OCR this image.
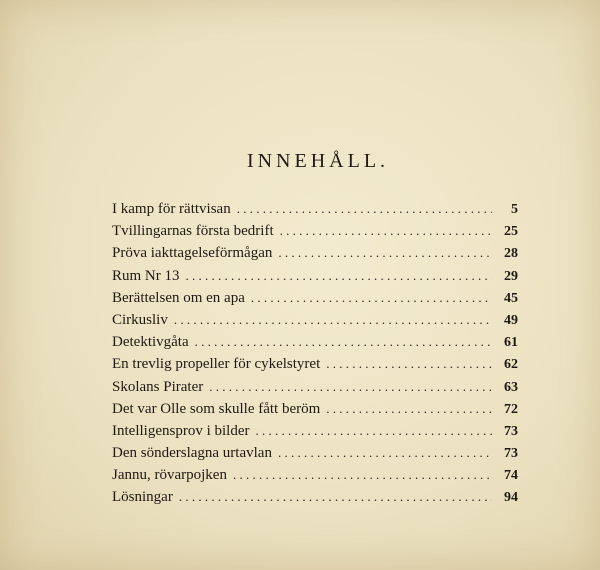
INNEHÅLL.
I kamp för rättvisan . . .	5
Tvillingarnas första bedrift . . .	25
Pröva iakttagelseförmågan . . .	28
Rum Nr 13 . . .	29
Berättelsen om en apa . . .	45
Cirkusliv . . .	49
Detektivgåta . . .	61
En trevlig propeller för cykelstyret . . .	62
Skolans Pirater . . .	63
Det var Olle som skulle fått beröm . . .	72
Intelligensprov i bilder . . .	73
Den sönderslagna urtavlan . . .	73
Jannu, rövarpojken . . .	74
Lösningar . . .	94
